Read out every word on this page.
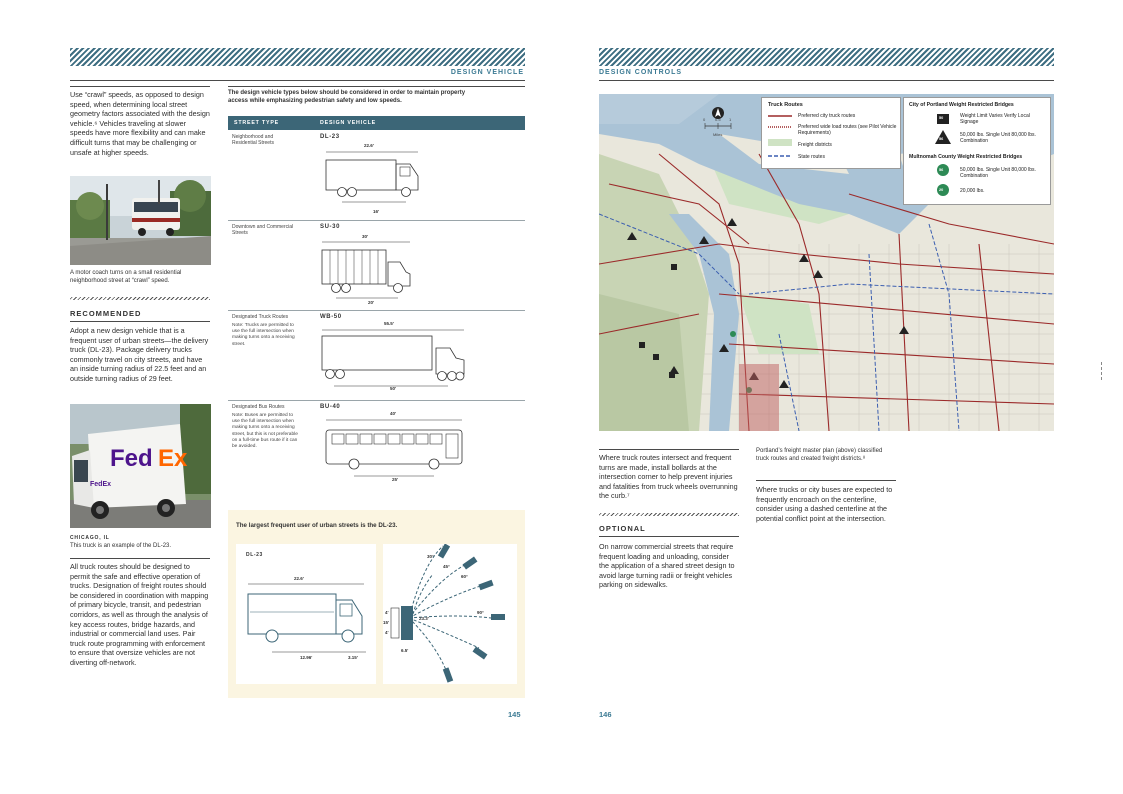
DESIGN VEHICLE
Use “crawl” speeds, as opposed to design speed, when determining local street geometry factors associated with the design vehicle.⁶ Vehicles traveling at slower speeds have more flexibility and can make difficult turns that may be challenging or unsafe at higher speeds.
A motor coach turns on a small residential neighborhood street at “crawl” speed.
RECOMMENDED
Adopt a new design vehicle that is a frequent user of urban streets—the delivery truck (DL-23). Package delivery trucks commonly travel on city streets, and have an inside turning radius of 22.5 feet and an outside turning radius of 29 feet.
Fed Ex
FedEx
CHICAGO, IL
This truck is an example of the DL-23.
All truck routes should be designed to permit the safe and effective operation of trucks. Designation of freight routes should be considered in coordination with mapping of primary bicycle, transit, and pedestrian corridors, as well as through the analysis of key access routes, bridge hazards, and industrial or commercial land uses. Pair truck route programming with enforcement to ensure that oversize vehicles are not diverting off-network.
The design vehicle types below should be considered in order to maintain property access while emphasizing pedestrian safety and low speeds.
STREET TYPE	DESIGN VEHICLE
Neighborhood and Residential Streets
DL-23
22.6'
16'
Downtown and Commercial Streets
SU-30
30'
20'
Designated Truck Routes
Note: Trucks are permitted to use the full intersection when making turns onto a receiving street.
WB-50
55.5'
50'
Designated Bus Routes
Note: Buses are permitted to use the full intersection when making turns onto a receiving street, but this is not preferable on a full-time bus route if it can be avoided.
BU-40
40'
25'
The largest frequent user of urban streets is the DL-23.
DL-23
22.6'
12.96'	3.15'
4'
15'
4'
6.5'
23.3'
90°
60°
45°
30°
145
DESIGN CONTROLS
0 0.5 1
Miles
Truck Routes
Preferred city truck routes
Preferred wide load routes (see Pilot Vehicle Requirements)
Freight districts
State routes
City of Portland Weight Restricted Bridges
50
56
56
20
Weight Limit Varies Verify Local Signage
50,000 lbs. Single Unit 80,000 lbs. Combination
Multnomah County Weight Restricted Bridges
50,000 lbs. Single Unit 80,000 lbs. Combination
20,000 lbs.
Where truck routes intersect and frequent turns are made, install bollards at the intersection corner to help prevent injuries and fatalities from truck wheels overrunning the curb.⁷
OPTIONAL
On narrow commercial streets that require frequent loading and unloading, consider the application of a shared street design to avoid large turning radii or freight vehicles parking on sidewalks.
Portland’s freight master plan (above) classified truck routes and created freight districts.⁸
Where trucks or city buses are expected to frequently encroach on the centerline, consider using a dashed centerline at the potential conflict point at the intersection.
146
